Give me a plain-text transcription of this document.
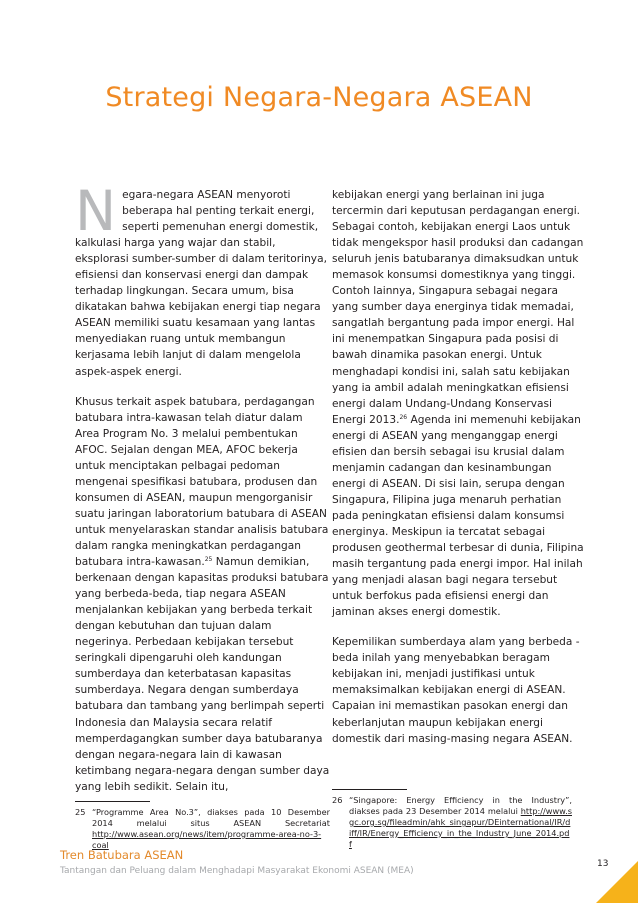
Strategi Negara-Negara ASEAN

Negara-negara ASEAN menyoroti beberapa hal penting terkait energi, seperti pemenuhan energi domestik, kalkulasi harga yang wajar dan stabil, eksplorasi sumber-sumber di dalam teritorinya, efisiensi dan konservasi energi dan dampak terhadap lingkungan. Secara umum, bisa dikatakan bahwa kebijakan energi tiap negara ASEAN memiliki suatu kesamaan yang lantas menyediakan ruang untuk membangun kerjasama lebih lanjut di dalam mengelola aspek-aspek energi.

Khusus terkait aspek batubara, perdagangan batubara intra-kawasan telah diatur dalam Area Program No. 3 melalui pembentukan AFOC. Sejalan dengan MEA, AFOC bekerja untuk menciptakan pelbagai pedoman mengenai spesifikasi batubara, produsen dan konsumen di ASEAN, maupun mengorganisir suatu jaringan laboratorium batubara di ASEAN untuk menyelaraskan standar analisis batubara dalam rangka meningkatkan perdagangan batubara intra-kawasan.$^{25}$ Namun demikian, berkenaan dengan kapasitas produksi batubara yang berbeda-beda, tiap negara ASEAN menjalankan kebijakan yang berbeda terkait dengan kebutuhan dan tujuan dalam negerinya. Perbedaan kebijakan tersebut seringkali dipengaruhi oleh kandungan sumberdaya dan keterbatasan kapasitas sumberdaya. Negara dengan sumberdaya batubara dan tambang yang berlimpah seperti Indonesia dan Malaysia secara relatif memperdagangkan sumber daya batubaranya dengan negara-negara lain di kawasan ketimbang negara-negara dengan sumber daya yang lebih sedikit. Selain itu,

kebijakan energi yang berlainan ini juga tercermin dari keputusan perdagangan energi. Sebagai contoh, kebijakan energi Laos untuk tidak mengekspor hasil produksi dan cadangan seluruh jenis batubaranya dimaksudkan untuk memasok konsumsi domestiknya yang tinggi. Contoh lainnya, Singapura sebagai negara yang sumber daya energinya tidak memadai, sangatlah bergantung pada impor energi. Hal ini menempatkan Singapura pada posisi di bawah dinamika pasokan energi. Untuk menghadapi kondisi ini, salah satu kebijakan yang ia ambil adalah meningkatkan efisiensi energi dalam Undang-Undang Konservasi Energi 2013.26 Agenda ini memenuhi kebijakan energi di ASEAN yang menganggap energi efisien dan bersih sebagai isu krusial dalam menjamin cadangan dan kesinambungan energi di ASEAN. Di sisi lain, serupa dengan Singapura, Filipina juga menaruh perhatian pada peningkatan efisiensi dalam konsumsi energinya. Meskipun ia tercatat sebagai produsen geothermal terbesar di dunia, Filipina masih tergantung pada energi impor. Hal inilah yang menjadi alasan bagi negara tersebut untuk berfokus pada efisiensi energi dan jaminan akses energi domestik.

Kepemilikan sumberdaya alam yang berbeda -beda inilah yang menyebabkan beragam kebijakan ini, menjadi justifikasi untuk memaksimalkan kebijakan energi di ASEAN. Capaian ini memastikan pasokan energi dan keberlanjutan maupun kebijakan energi domestik dari masing-masing negara ASEAN.

25 “Programme Area No.3”, diakses pada 10 Desember 2014 melalui situs ASEAN Secretariat http://www.asean.org/news/item/programme-area-no-3-coal
26 “Singapore: Energy Efficiency in the Industry”, diakses pada 23 Desember 2014 melalui http://www.sgc.org.sg/fileadmin/ahk_singapur/DEinternational/IR/diff/IR/Energy_Efficiency_in_the_Industry_June_2014.pdf
Tren Batubara ASEAN
Tantangan dan Peluang dalam Menghadapi Masyarakat Ekonomi ASEAN (MEA)
13
